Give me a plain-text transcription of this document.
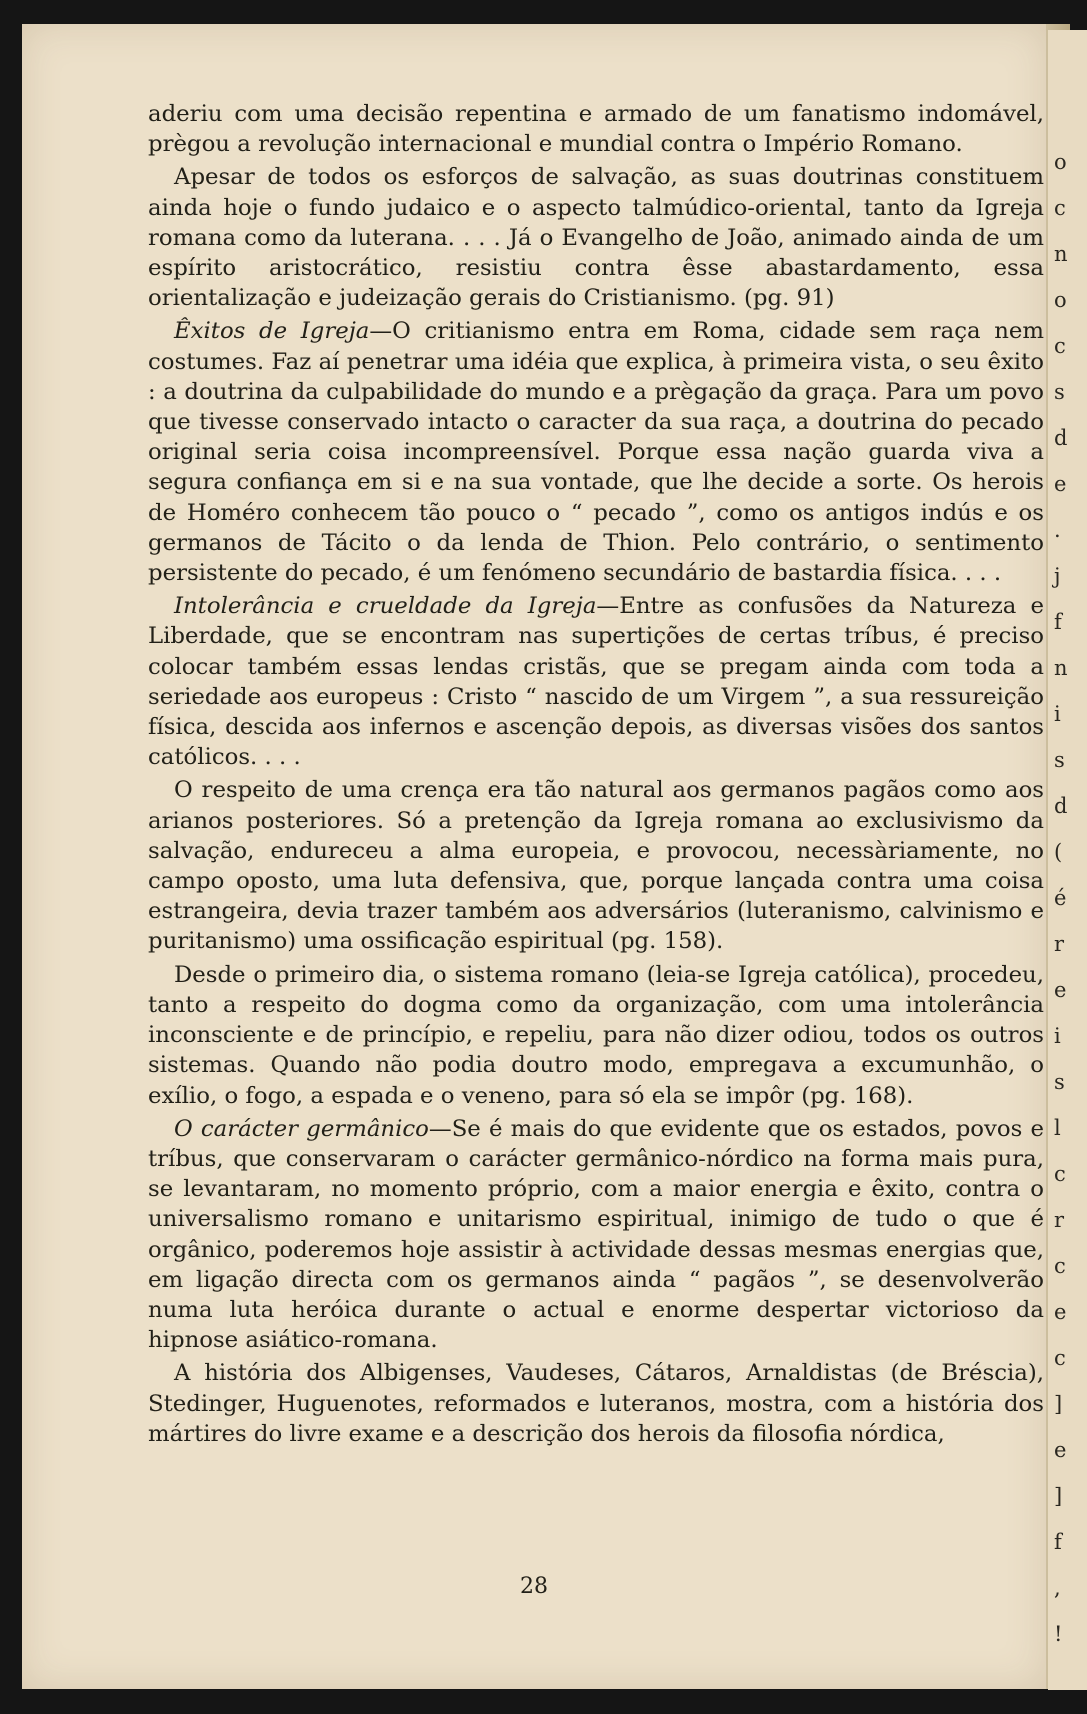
aderiu com uma decisão repentina e armado de um fanatismo indomável, prègou a revolução internacional e mundial contra o Império Romano.

Apesar de todos os esforços de salvação, as suas doutrinas constituem ainda hoje o fundo judaico e o aspecto talmúdico-oriental, tanto da Igreja romana como da luterana. . . . Já o Evangelho de João, animado ainda de um espírito aristocrático, resistiu contra êsse abastardamento, essa orientalização e judeização gerais do Cristianismo. (pg. 91)

Êxitos de Igreja—O critianismo entra em Roma, cidade sem raça nem costumes. Faz aí penetrar uma idéia que explica, à primeira vista, o seu êxito : a doutrina da culpabilidade do mundo e a prègação da graça. Para um povo que tivesse conservado intacto o caracter da sua raça, a doutrina do pecado original seria coisa incompreensível. Porque essa nação guarda viva a segura confiança em si e na sua vontade, que lhe decide a sorte. Os herois de Homéro conhecem tão pouco o “ pecado ”, como os antigos indús e os germanos de Tácito o da lenda de Thion. Pelo contrário, o sentimento persistente do pecado, é um fenómeno secundário de bastardia física. . . .

Intolerância e crueldade da Igreja—Entre as confusões da Natureza e Liberdade, que se encontram nas supertições de certas tríbus, é preciso colocar também essas lendas cristãs, que se pregam ainda com toda a seriedade aos europeus : Cristo “ nascido de um Virgem ”, a sua ressureição física, descida aos infernos e ascenção depois, as diversas visões dos santos católicos. . . .

O respeito de uma crença era tão natural aos germanos pagãos como aos arianos posteriores. Só a pretenção da Igreja romana ao exclusivismo da salvação, endureceu a alma europeia, e provocou, necessàriamente, no campo oposto, uma luta defensiva, que, porque lançada contra uma coisa estrangeira, devia trazer também aos adversários (luteranismo, calvinismo e puritanismo) uma ossificação espiritual (pg. 158).

Desde o primeiro dia, o sistema romano (leia-se Igreja católica), procedeu, tanto a respeito do dogma como da organização, com uma intolerância inconsciente e de princípio, e repeliu, para não dizer odiou, todos os outros sistemas. Quando não podia doutro modo, empregava a excumunhão, o exílio, o fogo, a espada e o veneno, para só ela se impôr (pg. 168).

O carácter germânico—Se é mais do que evidente que os estados, povos e tríbus, que conservaram o carácter germânico-nórdico na forma mais pura, se levantaram, no momento próprio, com a maior energia e êxito, contra o universalismo romano e unitarismo espiritual, inimigo de tudo o que é orgânico, poderemos hoje assistir à actividade dessas mesmas energias que, em ligação directa com os germanos ainda “ pagãos ”, se desenvolverão numa luta heróica durante o actual e enorme despertar victorioso da hipnose asiático-romana.

A história dos Albigenses, Vaudeses, Cátaros, Arnaldistas (de Bréscia), Stedinger, Huguenotes, reformados e luteranos, mostra, com a história dos mártires do livre exame e a descrição dos herois da filosofia nórdica,

28
o
c
n
o
c
s
d
e
.
j
f
n
i
s
d
(
é
r
e
i
s
l
c
r
c
e
c
]
e
]
f
,
!
